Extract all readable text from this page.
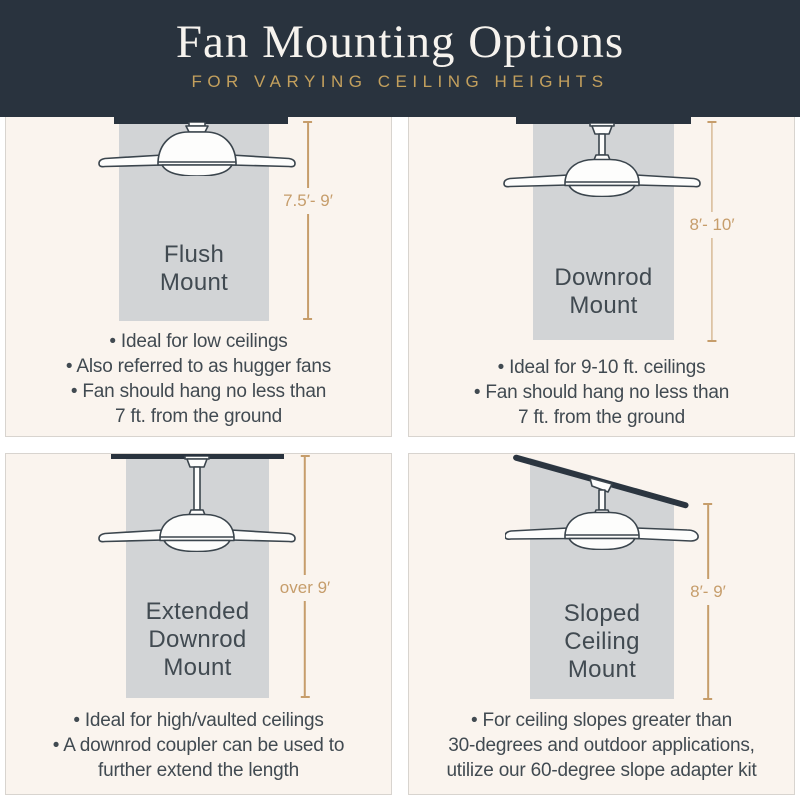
Fan Mounting Options
FOR VARYING CEILING HEIGHTS
7.5′- 9′
Flush
Mount
• Ideal for low ceilings
• Also referred to as hugger fans
• Fan should hang no less than
7 ft. from the ground
8′- 10′
Downrod
Mount
• Ideal for 9-10 ft. ceilings
• Fan should hang no less than
7 ft. from the ground
over 9′
Extended
Downrod
Mount
• Ideal for high/vaulted ceilings
• A downrod coupler can be used to
further extend the length
8′- 9′
Sloped
Ceiling
Mount
• For ceiling slopes greater than
30-degrees and outdoor applications,
utilize our 60-degree slope adapter kit
